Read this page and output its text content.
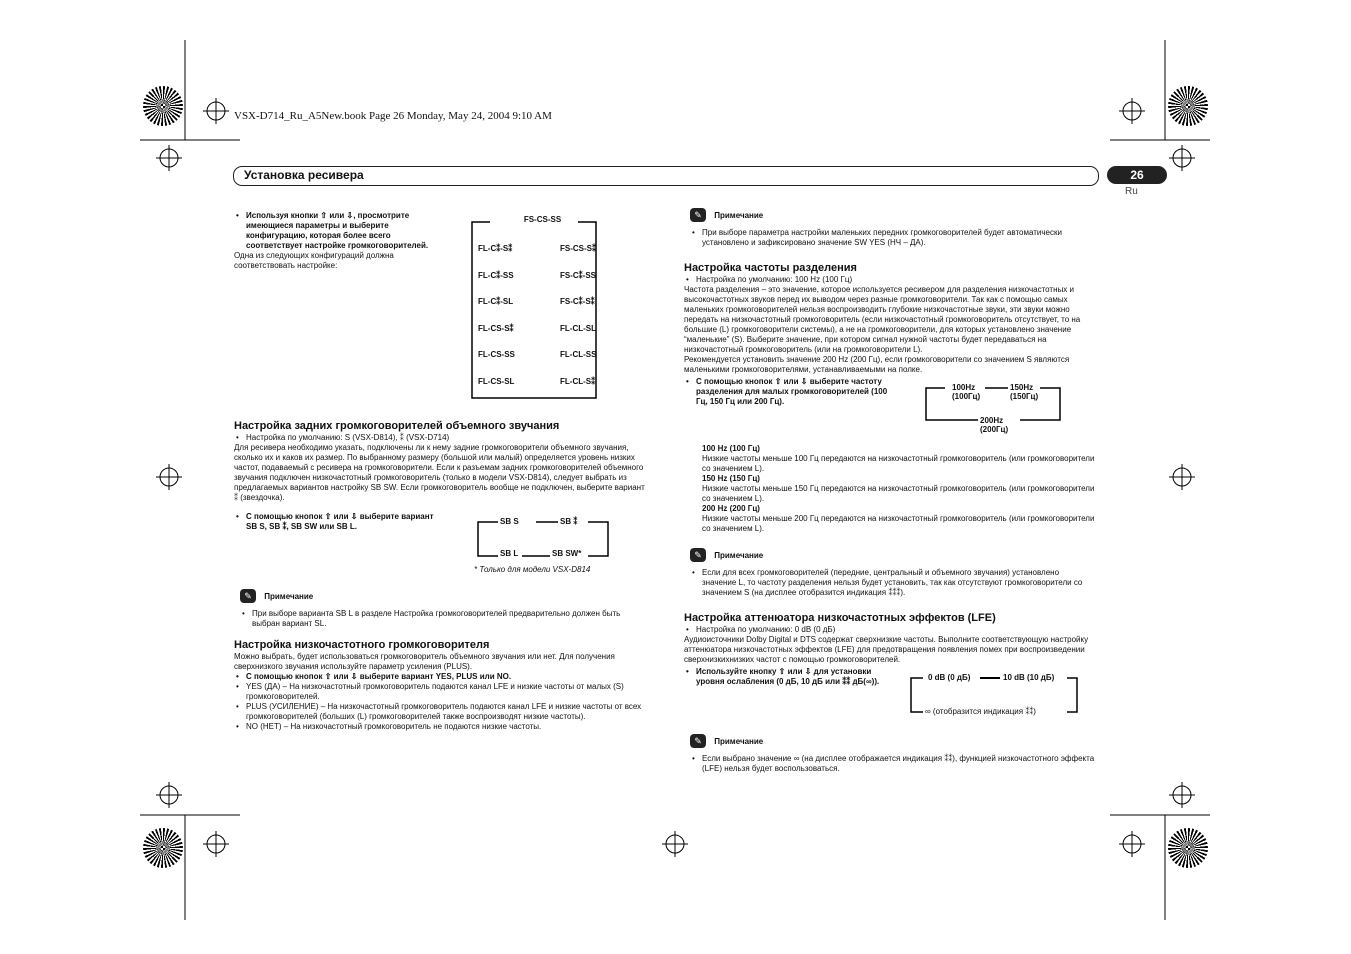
VSX-D714_Ru_A5New.book Page 26 Monday, May 24, 2004 9:10 AM
Установка ресивера	26
Ru

• Используя кнопки ⇧ или ⇩, просмотрите имеющиеся параметры и выберите конфигурацию, которая более всего соответствует настройке громкоговорителей.

Одна из следующих конфигураций должна соответствовать настройке:

FS-CS-SS
FL-C⁑-S⁑
FL-C⁑-SS
FL-C⁑-SL
FL-CS-S⁑
FL-CS-SS
FL-CS-SL
FS-CS-S⁑
FS-C⁑-SS
FS-C⁑-S⁑
FL-CL-SL
FL-CL-SS
FL-CL-S⁑

Настройка задних громкоговорителей объемного звучания

• Настройка по умолчанию: S (VSX-D814), ⁑ (VSX-D714)

Для ресивера необходимо указать, подключены ли к нему задние громкоговорители объемного звучания, сколько их и каков их размер. По выбранному размеру (большой или малый) определяется уровень низких частот, подаваемый с ресивера на громкоговорители. Если к разъемам задних громкоговорителей объемного звучания подключен низкочастотный громкоговоритель (только в модели VSX-D814), следует выбрать из предлагаемых вариантов настройку SB SW. Если громкоговоритель вообще не подключен, выберите вариант ⁑ (звездочка).

• С помощью кнопок ⇧ или ⇩ выберите вариант SB S, SB ⁑, SB SW или SB L.

SB S	SB ⁑
SB L	SB SW*
* Только для модели VSX-D814
✎ Примечание

• При выборе варианта SB L в разделе Настройка громкоговорителей предварительно должен быть выбран вариант SL.

Настройка низкочастотного громкоговорителя

Можно выбрать, будет использоваться громкоговоритель объемного звучания или нет. Для получения сверхнизкого звучания используйте параметр усиления (PLUS).

• С помощью кнопок ⇧ или ⇩ выберите вариант YES, PLUS или NO.

• YES (ДА) – На низкочастотный громкоговоритель подаются канал LFE и низкие частоты от малых (S) громкоговорителей.

• PLUS (УСИЛЕНИЕ) – На низкочастотный громкоговоритель подаются канал LFE и низкие частоты от всех громкоговорителей (больших (L) громкоговорителей также воспроизводят низкие частоты).

• NO (НЕТ) – На низкочастотный громкоговоритель не подаются низкие частоты.

✎ Примечание

• При выборе параметра настройки маленьких передних громкоговорителей будет автоматически установлено и зафиксировано значение SW YES (НЧ – ДА).

Настройка частоты разделения

• Настройка по умолчанию: 100 Hz (100 Гц)

Частота разделения – это значение, которое используется ресивером для разделения низкочастотных и высокочастотных звуков перед их выводом через разные громкоговорители. Так как с помощью самых маленьких громкоговорителей нельзя воспроизводить глубокие низкочастотные звуки, эти звуки можно передать на низкочастотный громкоговоритель (если низкочастотный громкоговоритель отсутствует, то на большие (L) громкоговорители системы), а не на громкоговорители, для которых установлено значение “маленькие” (S). Выберите значение, при котором сигнал нужной частоты будет передаваться на низкочастотный громкоговоритель (или на громкоговорители L).

Рекомендуется установить значение 200 Hz (200 Гц), если громкоговорители со значением S являются маленькими громкоговорителями, устанавливаемыми на полке.

• С помощью кнопок ⇧ или ⇩ выберите частоту разделения для малых громкоговорителей (100 Гц, 150 Гц или 200 Гц).

100Hz
(100Гц)
150Hz
(150Гц)
200Hz
(200Гц)

100 Hz (100 Гц)

Низкие частоты меньше 100 Гц передаются на низкочастотный громкоговоритель (или громкоговорители со значением L).

150 Hz (150 Гц)

Низкие частоты меньше 150 Гц передаются на низкочастотный громкоговоритель (или громкоговорители со значением L).

200 Hz (200 Гц)

Низкие частоты меньше 200 Гц передаются на низкочастотный громкоговоритель (или громкоговорители со значением L).

✎ Примечание

• Если для всех громкоговорителей (передние, центральный и объемного звучания) установлено значение L, то частоту разделения нельзя будет установить, так как отсутствуют громкоговорители со значением S (на дисплее отобразится индикация ⁑⁑⁑).

Настройка аттенюатора низкочастотных эффектов (LFE)

• Настройка по умолчанию: 0 dB (0 дБ)

Аудиоисточники Dolby Digital и DTS содержат сверхнизкие частоты. Выполните соответствующую настройку аттенюатора низкочастотных эффектов (LFE) для предотвращения появления помех при воспроизведении сверхнизкихнизких частот с помощью громкоговорителей.

• Используйте кнопку ⇧ или ⇩ для установки уровня ослабления (0 дБ, 10 дБ или ⁑⁑ дБ(∞)).	0 dB (0 дБ)	10 dB (10 дБ)
∞ (отобразится индикация ⁑⁑)
✎ Примечание

• Если выбрано значение ∞ (на дисплее отображается индикация ⁑⁑), функцией низкочастотного эффекта (LFE) нельзя будет воспользоваться.
